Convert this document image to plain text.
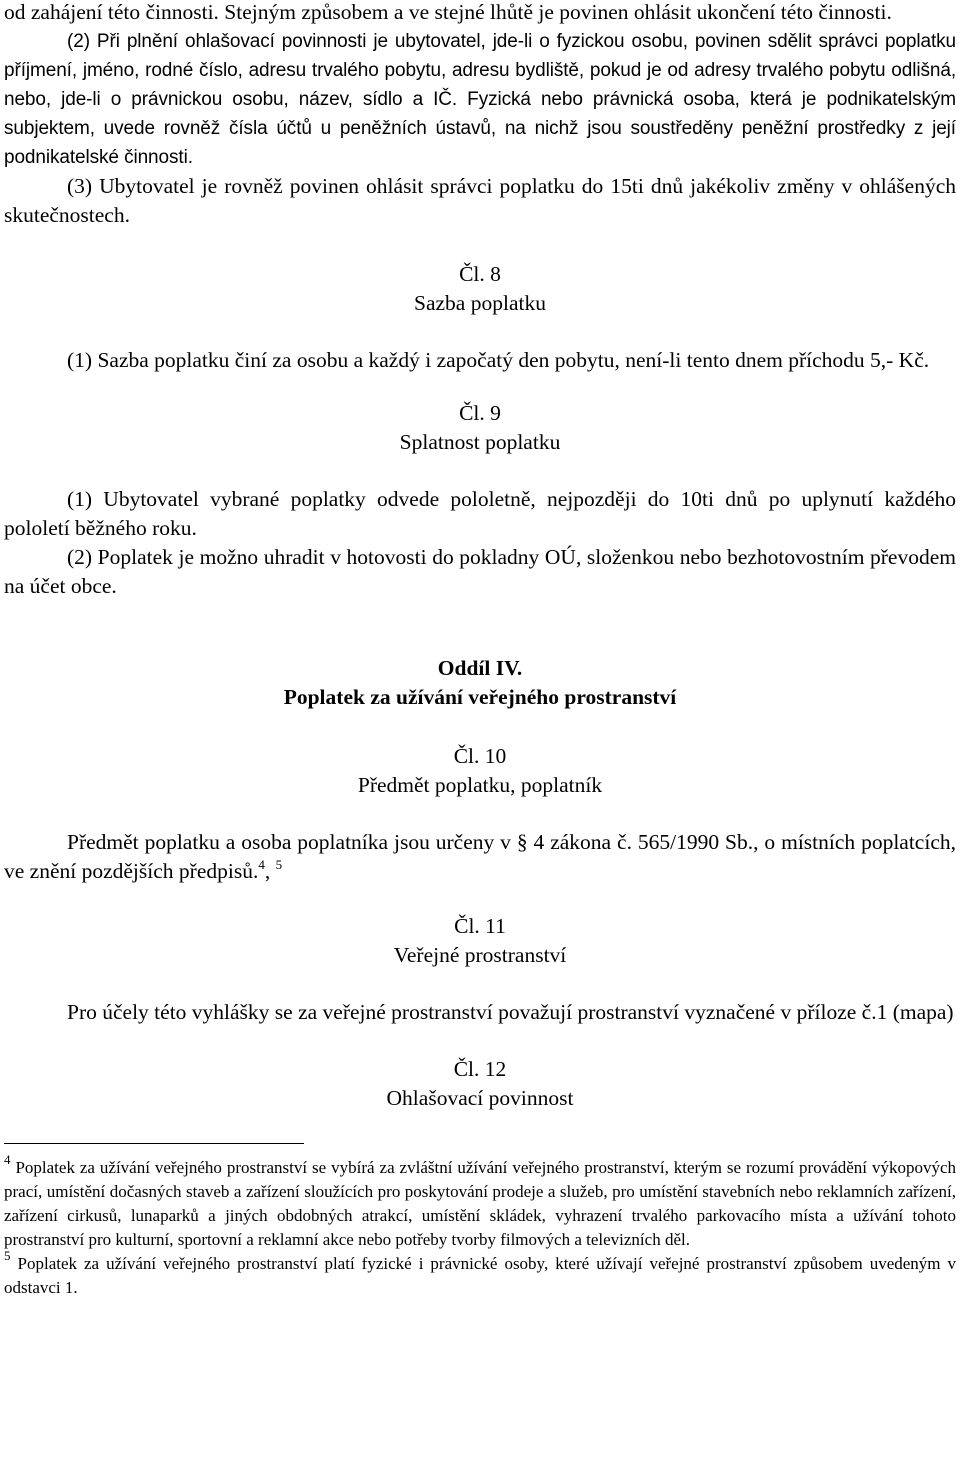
od zahájení této činnosti. Stejným způsobem a ve stejné lhůtě je povinen ohlásit ukončení této činnosti.

(2) Při plnění ohlašovací povinnosti je ubytovatel, jde-li o fyzickou osobu, povinen sdělit správci poplatku příjmení, jméno, rodné číslo, adresu trvalého pobytu, adresu bydliště, pokud je od adresy trvalého pobytu odlišná, nebo, jde-li o právnickou osobu, název, sídlo a IČ. Fyzická nebo právnická osoba, která je podnikatelským subjektem, uvede rovněž čísla účtů u peněžních ústavů, na nichž jsou soustředěny peněžní prostředky z její podnikatelské činnosti.

(3) Ubytovatel je rovněž povinen ohlásit správci poplatku do 15ti dnů jakékoliv změny v ohlášených skutečnostech.

Čl. 8

Sazba poplatku

(1) Sazba poplatku činí za osobu a každý i započatý den pobytu, není-li tento dnem příchodu 5,- Kč.

Čl. 9

Splatnost poplatku

(1) Ubytovatel vybrané poplatky odvede pololetně, nejpozději do 10ti dnů po uplynutí každého pololetí běžného roku.

(2) Poplatek je možno uhradit v hotovosti do pokladny OÚ, složenkou nebo bezhotovostním převodem na účet obce.

Oddíl IV.

Poplatek za užívání veřejného prostranství

Čl. 10

Předmět poplatku, poplatník

Předmět poplatku a osoba poplatníka jsou určeny v § 4 zákona č. 565/1990 Sb., o místních poplatcích, ve znění pozdějších předpisů.$^4$, $^5$

Čl. 11

Veřejné prostranství

Pro účely této vyhlášky se za veřejné prostranství považují prostranství vyznačené v příloze č.1 (mapa)

Čl. 12

Ohlašovací povinnost

$^4$ Poplatek za užívání veřejného prostranství se vybírá za zvláštní užívání veřejného prostranství, kterým se rozumí provádění výkopových prací, umístění dočasných staveb a zařízení sloužících pro poskytování prodeje a služeb, pro umístění stavebních nebo reklamních zařízení, zařízení cirkusů, lunaparků a jiných obdobných atrakcí, umístění skládek, vyhrazení trvalého parkovacího místa a užívání tohoto prostranství pro kulturní, sportovní a reklamní akce nebo potřeby tvorby filmových a televizních děl.

$^5$ Poplatek za užívání veřejného prostranství platí fyzické i právnické osoby, které užívají veřejné prostranství způsobem uvedeným v odstavci 1.
